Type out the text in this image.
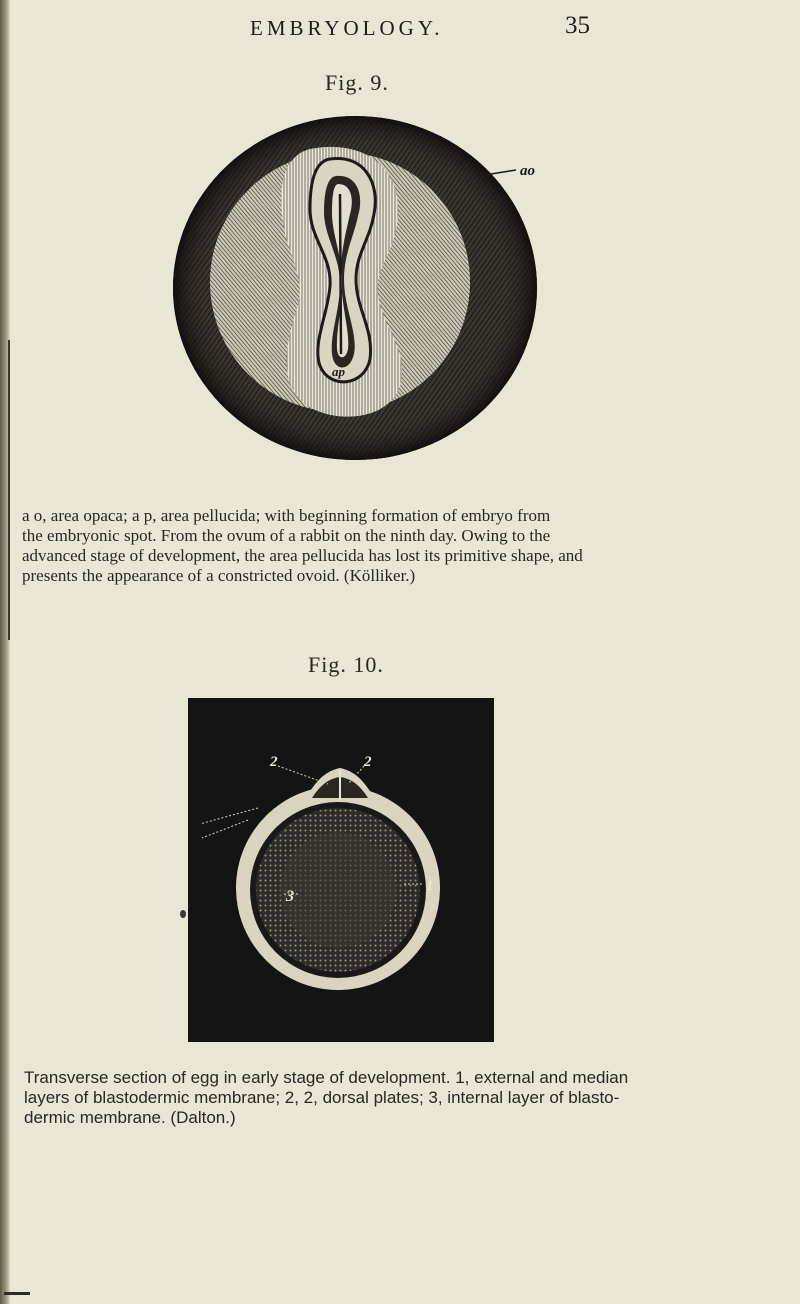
EMBRYOLOGY.	35
Fig. 9.
ao
ap

a o, area opaca; a p, area pellucida; with beginning formation of embryo from

the embryonic spot. From the ovum of a rabbit on the ninth day. Owing to the

advanced stage of development, the area pellucida has lost its primitive shape, and

presents the appearance of a constricted ovoid. (Kölliker.)

Fig. 10.
2	2
1
3

Transverse section of egg in early stage of development. 1, external and median

layers of blastodermic membrane; 2, 2, dorsal plates; 3, internal layer of blasto-

dermic membrane. (Dalton.)
